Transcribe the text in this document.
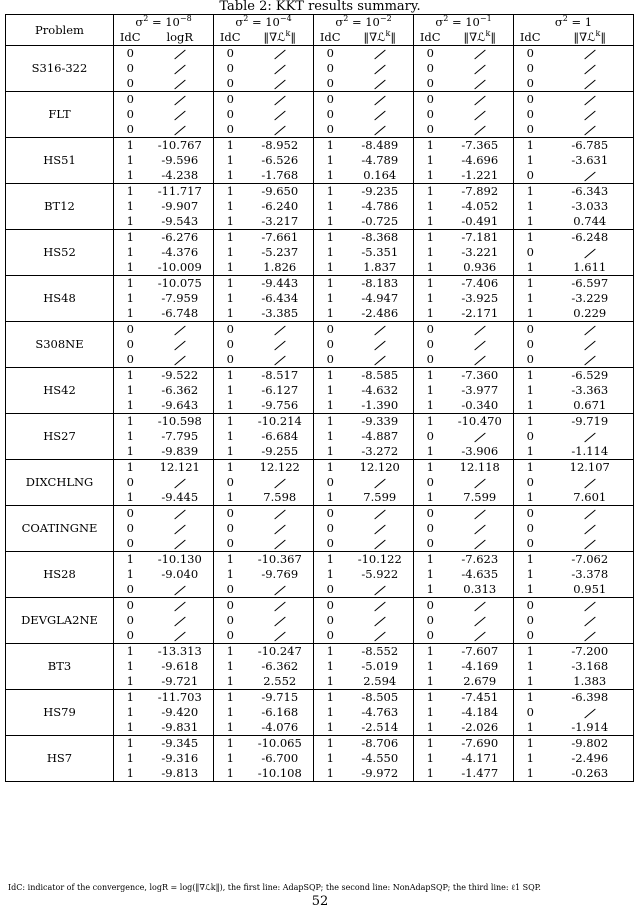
Table 2: KKT results summary.
Problem	$\sigma^2 = 10^{-8}$		$\sigma^2 = 10^{-4}$		$\sigma^2 = 10^{-2}$		$\sigma^2 = 10^{-1}$		$\sigma^2 = 1$	
	IdC	logR	IdC	‖∇ℒ$^k$‖	IdC	‖∇ℒ$^k$‖	IdC	‖∇ℒ$^k$‖	IdC	‖∇ℒ$^k$‖
S316-322	0		0		0		0		0	
	0		0		0		0		0	
	0		0		0		0		0	
FLT	0		0		0		0		0	
	0		0		0		0		0	
	0		0		0		0		0	
HS51	1	-10.767	1	-8.952	1	-8.489	1	-7.365	1	-6.785
	1	-9.596	1	-6.526	1	-4.789	1	-4.696	1	-3.631
	1	-4.238	1	-1.768	1	0.164	1	-1.221	0	
BT12	1	-11.717	1	-9.650	1	-9.235	1	-7.892	1	-6.343
	1	-9.907	1	-6.240	1	-4.786	1	-4.052	1	-3.033
	1	-9.543	1	-3.217	1	-0.725	1	-0.491	1	0.744
HS52	1	-6.276	1	-7.661	1	-8.368	1	-7.181	1	-6.248
	1	-4.376	1	-5.237	1	-5.351	1	-3.221	0	
	1	-10.009	1	1.826	1	1.837	1	0.936	1	1.611
HS48	1	-10.075	1	-9.443	1	-8.183	1	-7.406	1	-6.597
	1	-7.959	1	-6.434	1	-4.947	1	-3.925	1	-3.229
	1	-6.748	1	-3.385	1	-2.486	1	-2.171	1	0.229
S308NE	0		0		0		0		0	
	0		0		0		0		0	
	0		0		0		0		0	
HS42	1	-9.522	1	-8.517	1	-8.585	1	-7.360	1	-6.529
	1	-6.362	1	-6.127	1	-4.632	1	-3.977	1	-3.363
	1	-9.643	1	-9.756	1	-1.390	1	-0.340	1	0.671
HS27	1	-10.598	1	-10.214	1	-9.339	1	-10.470	1	-9.719
	1	-7.795	1	-6.684	1	-4.887	0		0	
	1	-9.839	1	-9.255	1	-3.272	1	-3.906	1	-1.114
DIXCHLNG	1	12.121	1	12.122	1	12.120	1	12.118	1	12.107
	0		0		0		0		0	
	1	-9.445	1	7.598	1	7.599	1	7.599	1	7.601
COATINGNE	0		0		0		0		0	
	0		0		0		0		0	
	0		0		0		0		0	
HS28	1	-10.130	1	-10.367	1	-10.122	1	-7.623	1	-7.062
	1	-9.040	1	-9.769	1	-5.922	1	-4.635	1	-3.378
	0		0		0		1	0.313	1	0.951
DEVGLA2NE	0		0		0		0		0	
	0		0		0		0		0	
	0		0		0		0		0	
BT3	1	-13.313	1	-10.247	1	-8.552	1	-7.607	1	-7.200
	1	-9.618	1	-6.362	1	-5.019	1	-4.169	1	-3.168
	1	-9.721	1	2.552	1	2.594	1	2.679	1	1.383
HS79	1	-11.703	1	-9.715	1	-8.505	1	-7.451	1	-6.398
	1	-9.420	1	-6.168	1	-4.763	1	-4.184	0	
	1	-9.831	1	-4.076	1	-2.514	1	-2.026	1	-1.914
HS7	1	-9.345	1	-10.065	1	-8.706	1	-7.690	1	-9.802
	1	-9.316	1	-6.700	1	-4.550	1	-4.171	1	-2.496
	1	-9.813	1	-10.108	1	-9.972	1	-1.477	1	-0.263
IdC: indicator of the convergence, logR = log(‖∇ℒk‖), the first line: AdapSQP; the second line: NonAdapSQP; the third line: ℓ1 SQP.
52
